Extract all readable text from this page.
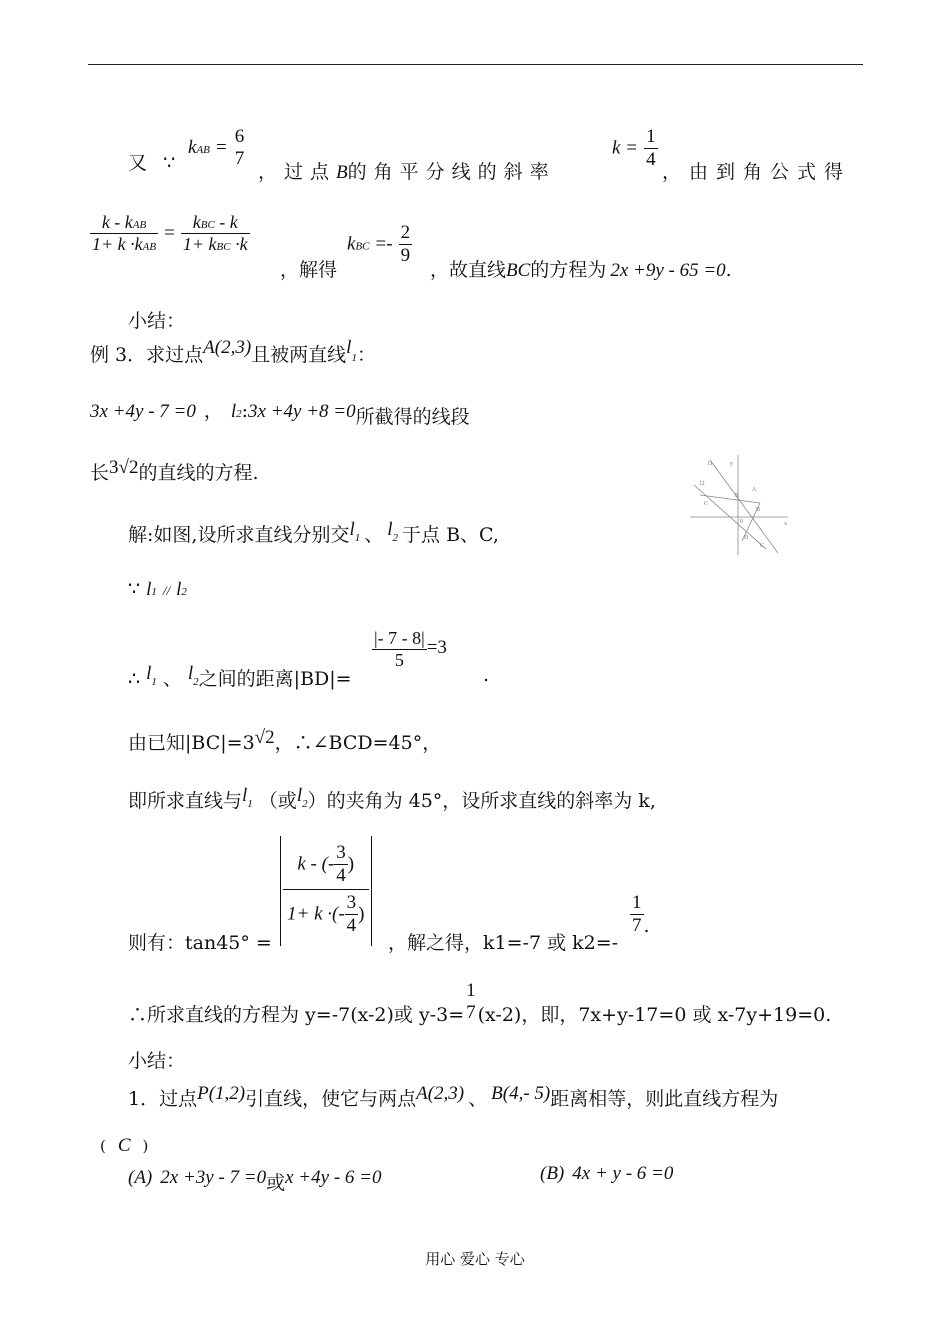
又 ∵
kAB =
6
7
，过点B的角平分线的斜率
$k = \frac{1}{4}$
，由到角公式得
$\frac{\text{k - kAB}}{\text{1+ k ·kAB}} = \frac{\text{kBC - k}}{\text{1+ kBC ·k}}$
，解得
kBC =- $\frac{2}{9}$
，故直线BC的方程为 2x +9y - 65 =0.
小结：
例 3．求过点A(2,3)且被两直线l1：
3x +4y - 7 =0 ， l2:3x +4y +8 =0所截得的线段
长3√2的直线的方程.	l1	y
l2
B
A
B
C
C
D
x
0
解:如图,设所求直线分别交l1 、 l2 于点 B、C,
∵ l1 // l2
∴ l1 、 l2之间的距离|BD|=
$\frac{|- 7 - 8|}{5} =3$
.
由已知|BC|=3√2，∴∠BCD=45°，
即所求直线与l1 （或l2）的夹角为 45°，设所求直线的斜率为 k,
则有：tan45° =
k - (- $\frac{3}{4}$ )
1+ k ·(- $\frac{3}{4}$ )
，解之得，k1=-7 或 k2=-
$\frac{1}{7}$ .
∴所求直线的方程为 y=-7(x-2)或 y-3=
1
7 (x-2)，即，7x+y-17=0 或 x-7y+19=0.
小结：
1．过点P(1,2)引直线，使它与两点A(2,3) 、 B(4,- 5)距离相等，则此直线方程为
( C )
(A) 2x +3y - 7 =0或x +4y - 6 =0	(B) 4x + y - 6 =0
用心 爱心 专心
